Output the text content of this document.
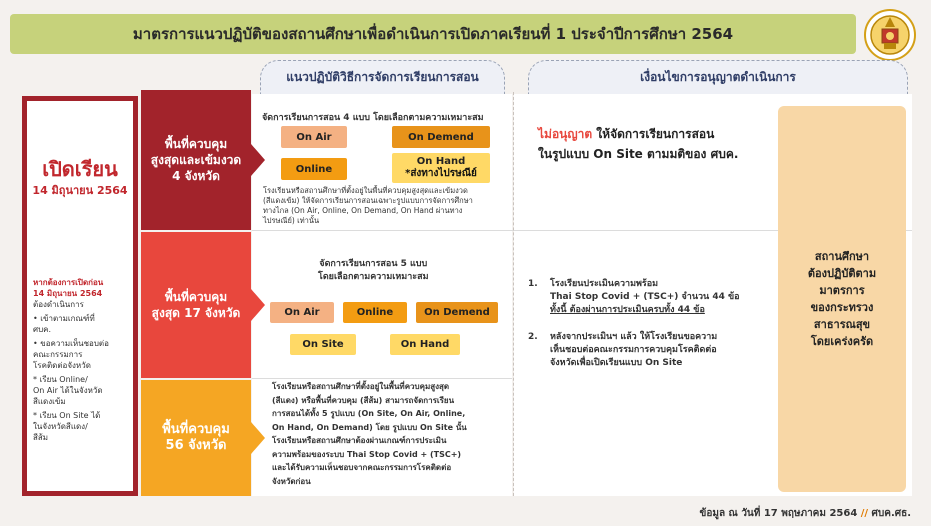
มาตรการแนวปฏิบัติของสถานศึกษาเพื่อดำเนินการเปิดภาคเรียนที่ 1 ประจำปีการศึกษา 2564
แนวปฏิบัติวิธีการจัดการเรียนการสอน	เงื่อนไขการอนุญาตดำเนินการ
เปิดเรียน
14 มิถุนายน 2564
หากต้องการเปิดก่อน
14 มิถุนายน 2564
ต้องดำเนินการ
• เข้าตามเกณฑ์ที่
ศบค.
• ขอความเห็นชอบต่อ
คณะกรรมการ
โรคติดต่อจังหวัด
* เรียน Online/
On Air ได้ในจังหวัด
สีแดงเข้ม
* เรียน On Site ได้
ในจังหวัดสีแดง/
สีส้ม
พื้นที่ควบคุม
สูงสุดและเข้มงวด
4 จังหวัด
พื้นที่ควบคุม
สูงสุด 17 จังหวัด
พื้นที่ควบคุม
56 จังหวัด
จัดการเรียนการสอน 4 แบบ โดยเลือกตามความเหมาะสม
On Air	On Demend
Online
On Hand
*ส่งทางไปรษณีย์
โรงเรียนหรือสถานศึกษาที่ตั้งอยู่ในพื้นที่ควบคุมสูงสุดและเข้มงวด
(สีแดงเข้ม) ให้จัดการเรียนการสอนเฉพาะรูปแบบการจัดการศึกษา
ทางไกล (On Air, Online, On Demand, On Hand ผ่านทาง
ไปรษณีย์) เท่านั้น
ไม่อนุญาต ให้จัดการเรียนการสอน
ในรูปแบบ On Site ตามมติของ ศบค.
จัดการเรียนการสอน 5 แบบ
โดยเลือกตามความเหมาะสม
On Air	Online	On Demend
On Site	On Hand
1. โรงเรียนประเมินความพร้อม
Thai Stop Covid + (TSC+) จำนวน 44 ข้อ
ทั้งนี้ ต้องผ่านการประเมินครบทั้ง 44 ข้อ
2. หลังจากประเมินฯ แล้ว ให้โรงเรียนขอความ
เห็นชอบต่อคณะกรรมการควบคุมโรคติดต่อ
จังหวัดเพื่อเปิดเรียนแบบ On Site
โรงเรียนหรือสถานศึกษาที่ตั้งอยู่ในพื้นที่ควบคุมสูงสุด
(สีแดง) หรือพื้นที่ควบคุม (สีส้ม) สามารถจัดการเรียน
การสอนได้ทั้ง 5 รูปแบบ (On Site, On Air, Online,
On Hand, On Demand) โดย รูปแบบ On Site นั้น
โรงเรียนหรือสถานศึกษาต้องผ่านเกณฑ์การประเมิน
ความพร้อมของระบบ Thai Stop Covid + (TSC+)
และได้รับความเห็นชอบจากคณะกรรมการโรคติดต่อ
จังหวัดก่อน
สถานศึกษา
ต้องปฏิบัติตาม
มาตรการ
ของกระทรวง
สาธารณสุข
โดยเคร่งครัด
ข้อมูล ณ วันที่ 17 พฤษภาคม 2564 // ศบค.ศธ.
